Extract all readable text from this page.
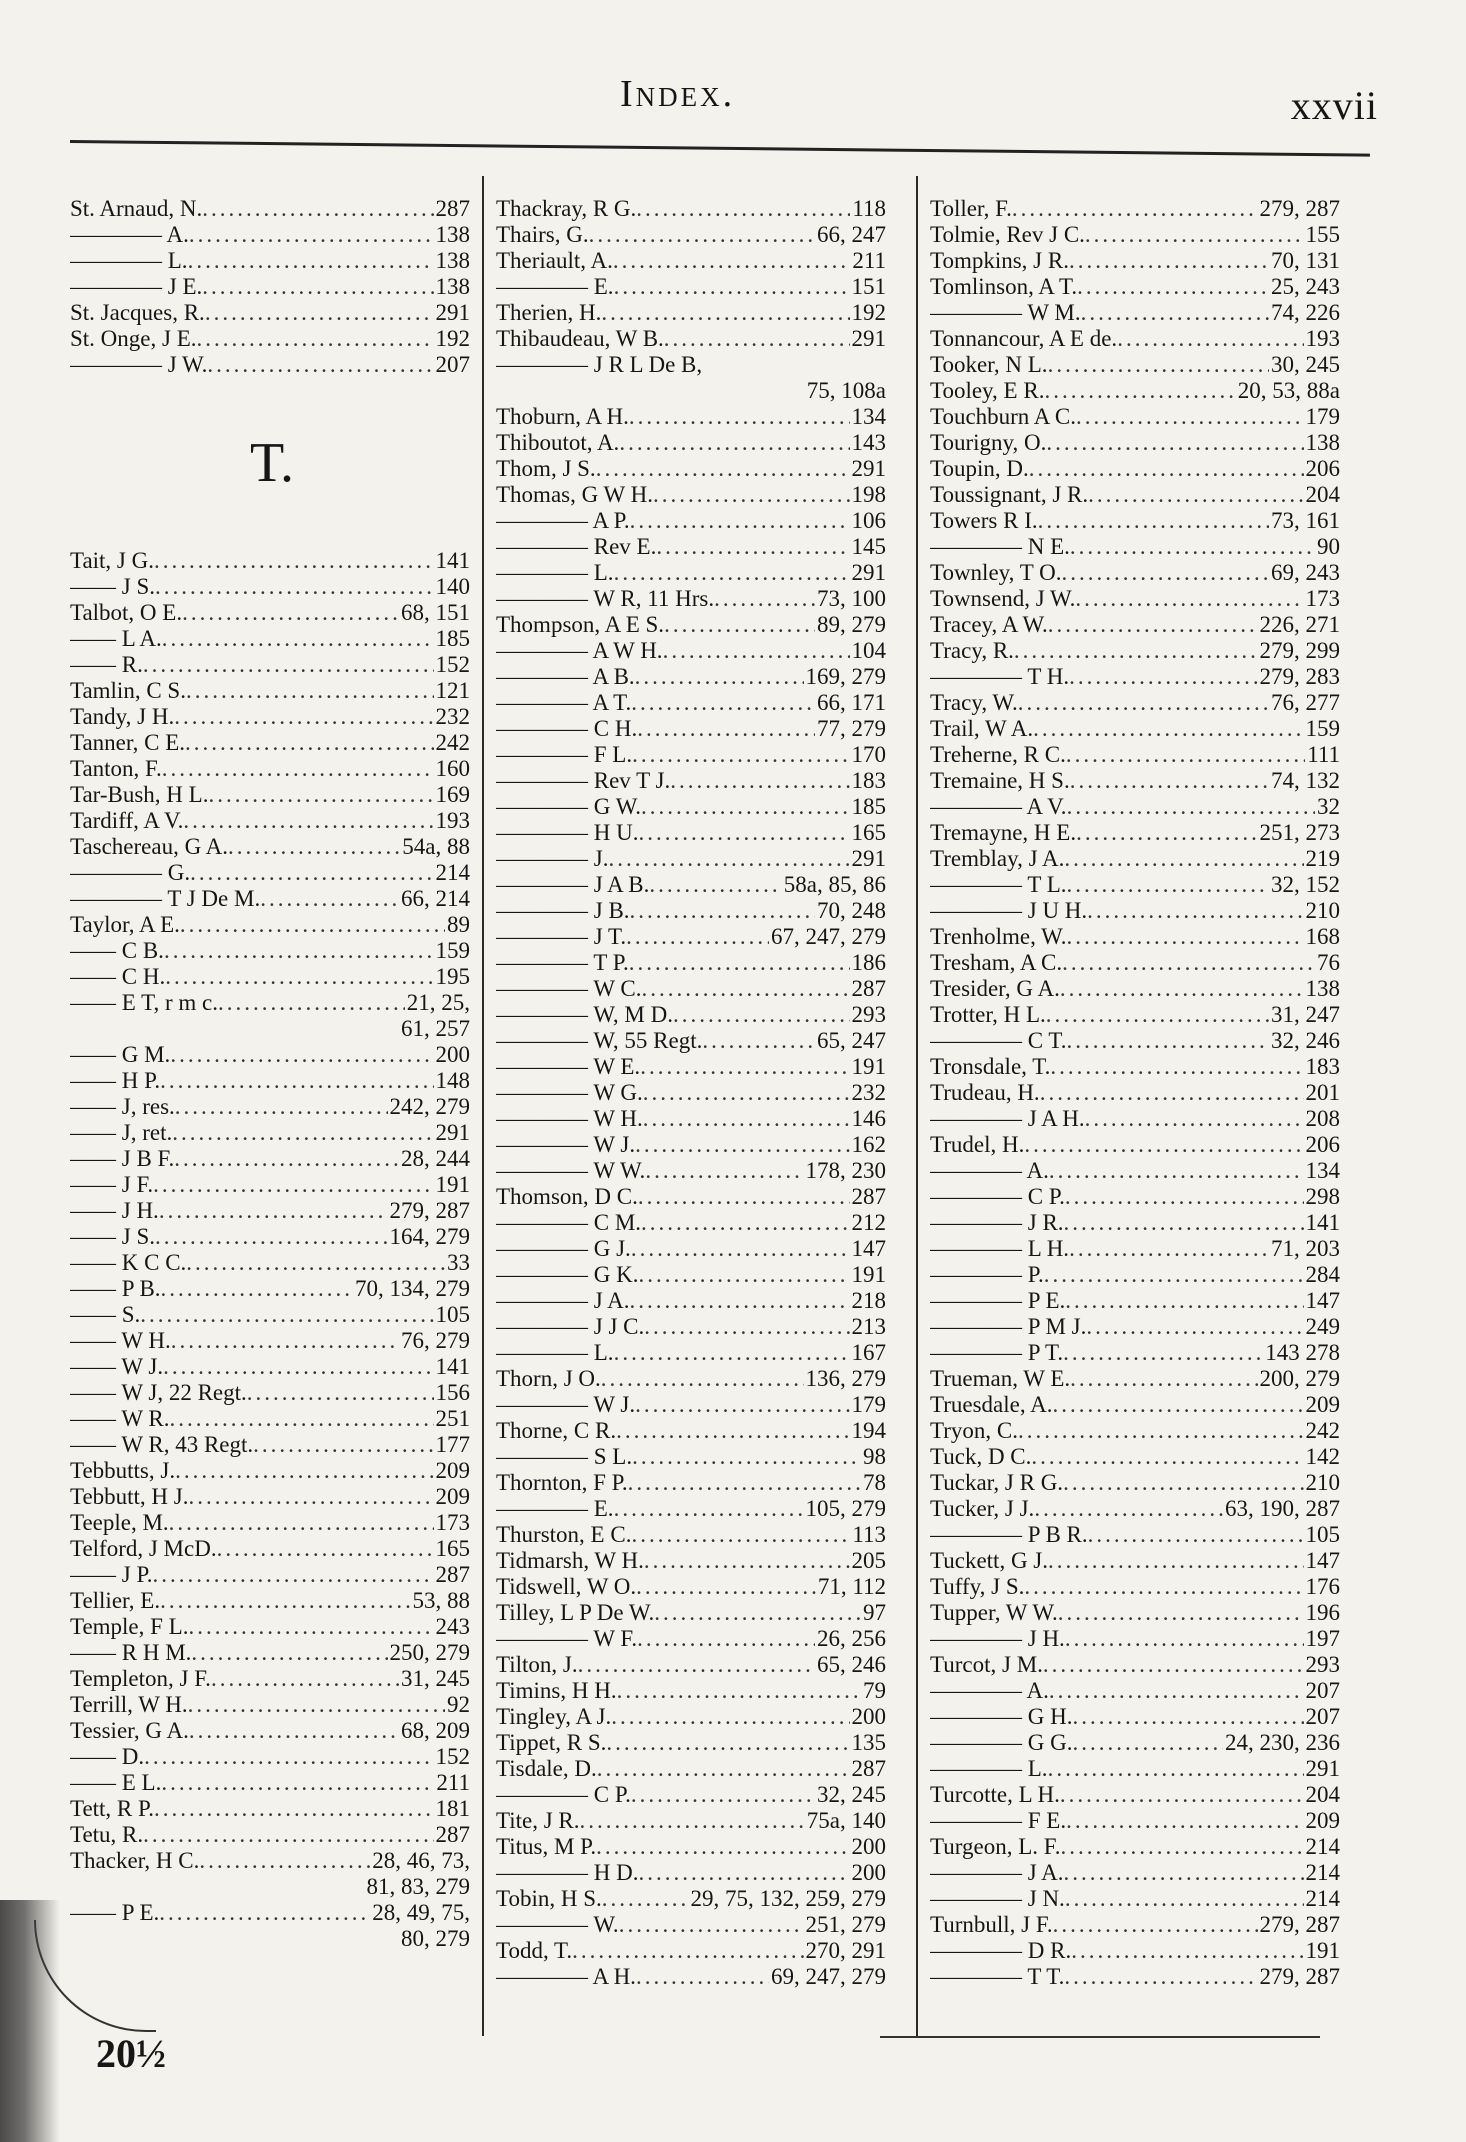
Index.	xxvii
St. Arnaud, N. .....	287
———— A. .....	138
———— L. .....	138
———— J E. .....	138
St. Jacques, R. .....	291
St. Onge, J E. .....	192
———— J W. .....	207
T.
Tait, J G. .....	141
—— J S. .....	140
Talbot, O E. .....	68, 151
—— L A. .....	185
—— R. .....	152
Tamlin, C S. .....	121
Tandy, J H. .....	232
Tanner, C E. .....	242
Tanton, F. .....	160
Tar-Bush, H L. .....	169
Tardiff, A V. .....	193
Taschereau, G A. .....	54a, 88
———— G. .....	214
———— T J De M. .....	66, 214
Taylor, A E. .....	89
—— C B. .....	159
—— C H. .....	195
—— E T, r m c. .....	21, 25,
61, 257
—— G M. .....	200
—— H P. .....	148
—— J, res. .....	242, 279
—— J, ret. .....	291
—— J B F. .....	28, 244
—— J F. .....	191
—— J H. .....	279, 287
—— J S. .....	164, 279
—— K C C. .....	33
—— P B. .....	70, 134, 279
—— S. .....	105
—— W H. .....	76, 279
—— W J. .....	141
—— W J, 22 Regt. .....	156
—— W R. .....	251
—— W R, 43 Regt. .....	177
Tebbutts, J. .....	209
Tebbutt, H J. .....	209
Teeple, M. .....	173
Telford, J McD. .....	165
—— J P. .....	287
Tellier, E. .....	53, 88
Temple, F L. .....	243
—— R H M. .....	250, 279
Templeton, J F. .....	31, 245
Terrill, W H. .....	92
Tessier, G A. .....	68, 209
—— D. .....	152
—— E L. .....	211
Tett, R P. .....	181
Tetu, R. .....	287
Thacker, H C. .....	28, 46, 73,
81, 83, 279
—— P E. .....	28, 49, 75,
80, 279
Thackray, R G. .....	118
Thairs, G. .....	66, 247
Theriault, A. .....	211
———— E. .....	151
Therien, H. .....	192
Thibaudeau, W B. .....	291
———— J R L De B,
75, 108a
Thoburn, A H. .....	134
Thiboutot, A. .....	143
Thom, J S. .....	291
Thomas, G W H. .....	198
———— A P. .....	106
———— Rev E. .....	145
———— L. .....	291
———— W R, 11 Hrs. .....	73, 100
Thompson, A E S. .....	89, 279
———— A W H. .....	104
———— A B. .....	169, 279
———— A T. .....	66, 171
———— C H. .....	77, 279
———— F L. .....	170
———— Rev T J. .....	183
———— G W. .....	185
———— H U. .....	165
———— J. .....	291
———— J A B. .....	58a, 85, 86
———— J B. .....	70, 248
———— J T. .....	67, 247, 279
———— T P. .....	186
———— W C. .....	287
———— W, M D. .....	293
———— W, 55 Regt. .....	65, 247
———— W E. .....	191
———— W G. .....	232
———— W H. .....	146
———— W J. .....	162
———— W W. .....	178, 230
Thomson, D C. .....	287
———— C M. .....	212
———— G J. .....	147
———— G K. .....	191
———— J A. .....	218
———— J J C. .....	213
———— L. .....	167
Thorn, J O. .....	136, 279
———— W J. .....	179
Thorne, C R. .....	194
———— S L. .....	98
Thornton, F P. .....	78
———— E. .....	105, 279
Thurston, E C. .....	113
Tidmarsh, W H. .....	205
Tidswell, W O. .....	71, 112
Tilley, L P De W. .....	97
———— W F. .....	26, 256
Tilton, J. .....	65, 246
Timins, H H. .....	79
Tingley, A J. .....	200
Tippet, R S. .....	135
Tisdale, D. .....	287
———— C P. .....	32, 245
Tite, J R. .....	75a, 140
Titus, M P. .....	200
———— H D. .....	200
Tobin, H S. .....	29, 75, 132, 259, 279
———— W. .....	251, 279
Todd, T. .....	270, 291
———— A H. .....	69, 247, 279
Toller, F. .....	279, 287
Tolmie, Rev J C. .....	155
Tompkins, J R. .....	70, 131
Tomlinson, A T. .....	25, 243
———— W M. .....	74, 226
Tonnancour, A E de. .....	193
Tooker, N L. .....	30, 245
Tooley, E R. .....	20, 53, 88a
Touchburn A C. .....	179
Tourigny, O. .....	138
Toupin, D. .....	206
Toussignant, J R. .....	204
Towers R I. .....	73, 161
———— N E. .....	90
Townley, T O. .....	69, 243
Townsend, J W. .....	173
Tracey, A W. .....	226, 271
Tracy, R. .....	279, 299
———— T H. .....	279, 283
Tracy, W. .....	76, 277
Trail, W A. .....	159
Treherne, R C. .....	111
Tremaine, H S. .....	74, 132
———— A V. .....	32
Tremayne, H E. .....	251, 273
Tremblay, J A. .....	219
———— T L. .....	32, 152
———— J U H. .....	210
Trenholme, W. .....	168
Tresham, A C. .....	76
Tresider, G A. .....	138
Trotter, H L. .....	31, 247
———— C T. .....	32, 246
Tronsdale, T. .....	183
Trudeau, H. .....	201
———— J A H. .....	208
Trudel, H. .....	206
———— A. .....	134
———— C P. .....	298
———— J R. .....	141
———— L H. .....	71, 203
———— P. .....	284
———— P E. .....	147
———— P M J. .....	249
———— P T. .....	143 278
Trueman, W E. .....	200, 279
Truesdale, A. .....	209
Tryon, C. .....	242
Tuck, D C. .....	142
Tuckar, J R G. .....	210
Tucker, J J. .....	63, 190, 287
———— P B R. .....	105
Tuckett, G J. .....	147
Tuffy, J S. .....	176
Tupper, W W. .....	196
———— J H. .....	197
Turcot, J M. .....	293
———— A. .....	207
———— G H. .....	207
———— G G. .....	24, 230, 236
———— L. .....	291
Turcotte, L H. .....	204
———— F E. .....	209
Turgeon, L. F. .....	214
———— J A. .....	214
———— J N. .....	214
Turnbull, J F. .....	279, 287
———— D R. .....	191
———— T T. .....	279, 287
20½
